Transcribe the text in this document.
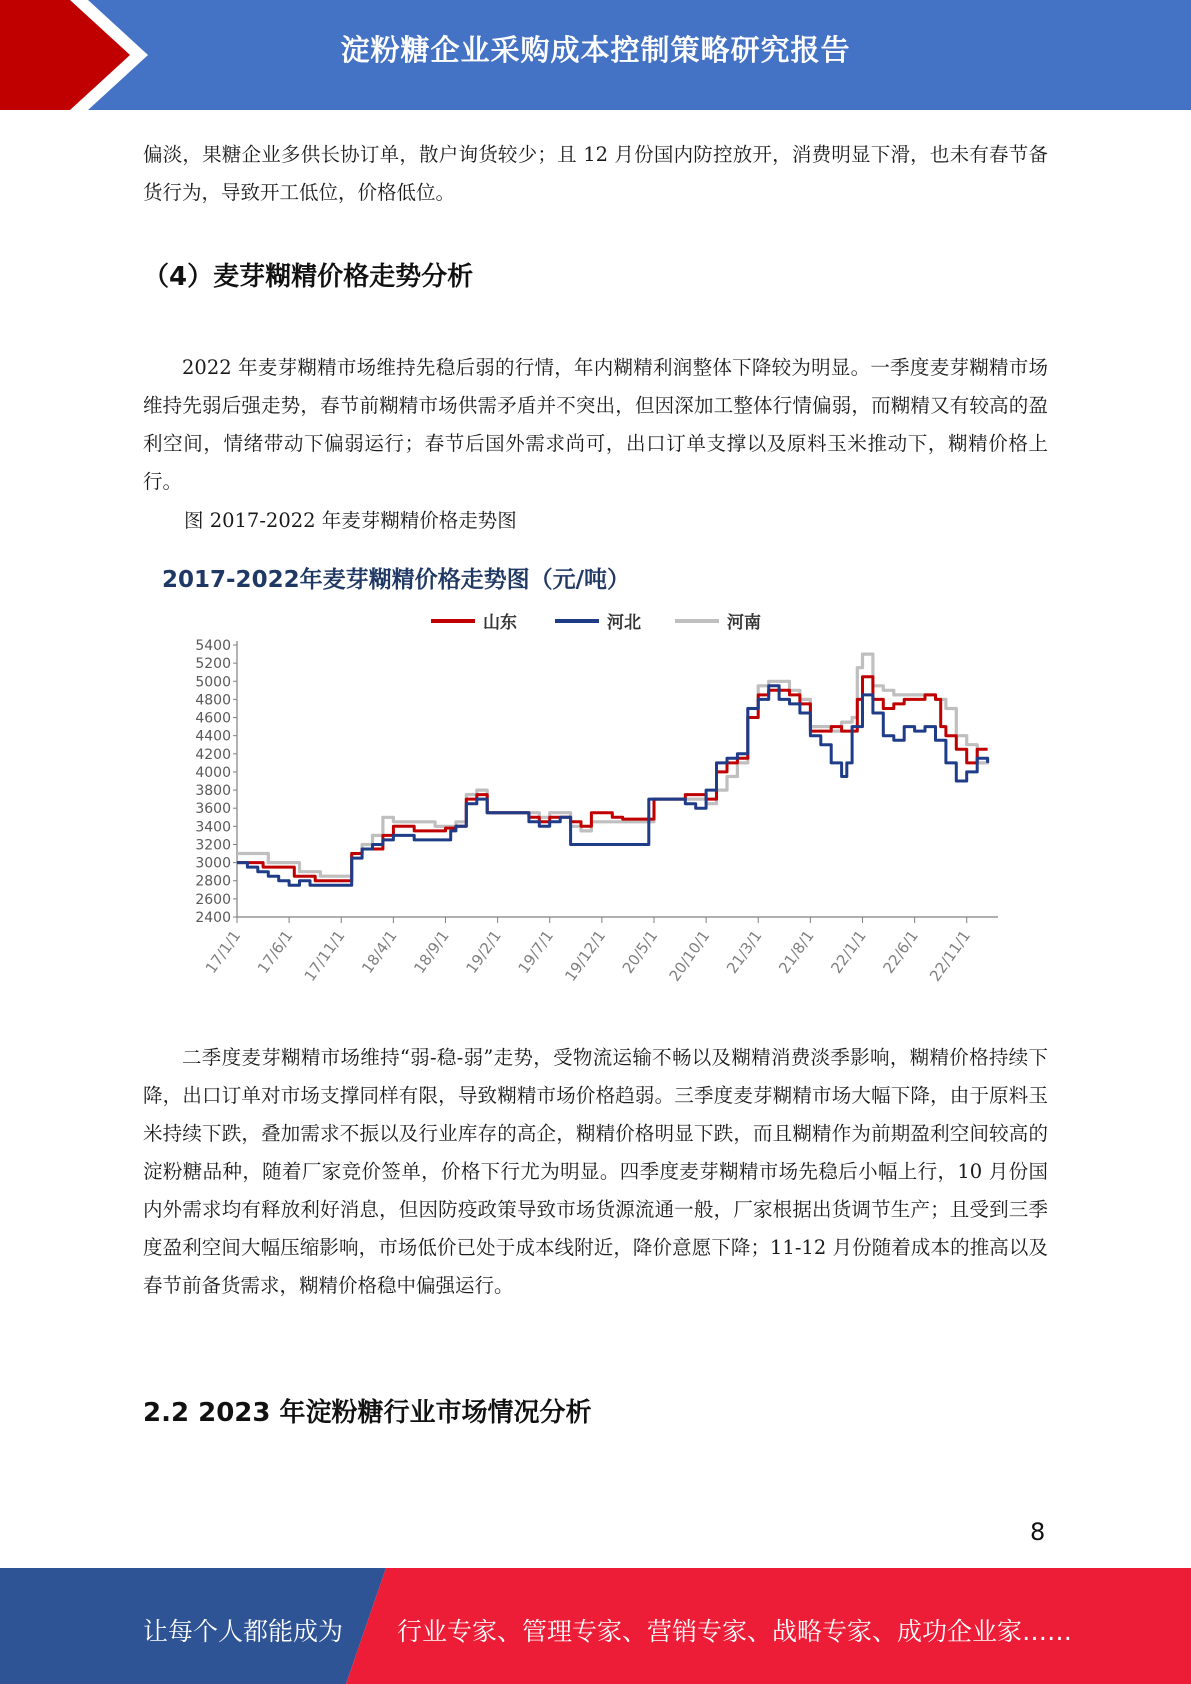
淀粉糖企业采购成本控制策略研究报告

偏淡，果糖企业多供长协订单，散户询货较少；且 12 月份国内防控放开，消费明显下滑，也未有春节备货行为，导致开工低位，价格低位。

（4）麦芽糊精价格走势分析

2022 年麦芽糊精市场维持先稳后弱的行情，年内糊精利润整体下降较为明显。一季度麦芽糊精市场维持先弱后强走势，春节前糊精市场供需矛盾并不突出，但因深加工整体行情偏弱，而糊精又有较高的盈利空间，情绪带动下偏弱运行；春节后国外需求尚可，出口订单支撑以及原料玉米推动下，糊精价格上行。

图 2017-2022 年麦芽糊精价格走势图

2017-2022年麦芽糊精价格走势图（元/吨）
山东	河北	河南
2400
2600
2800
3000
3200
3400
3600
3800
4000
4200
4400
4600
4800
5000
5200
5400
17/1/1 17/6/1 17/11/1 18/4/1 18/9/1 19/2/1 19/7/1 19/12/1 20/5/1 20/10/1 21/3/1 21/8/1 22/1/1 22/6/1 22/11/1

二季度麦芽糊精市场维持“弱-稳-弱”走势，受物流运输不畅以及糊精消费淡季影响，糊精价格持续下降，出口订单对市场支撑同样有限，导致糊精市场价格趋弱。三季度麦芽糊精市场大幅下降，由于原料玉米持续下跌，叠加需求不振以及行业库存的高企，糊精价格明显下跌，而且糊精作为前期盈利空间较高的淀粉糖品种，随着厂家竞价签单，价格下行尤为明显。四季度麦芽糊精市场先稳后小幅上行，10 月份国内外需求均有释放利好消息，但因防疫政策导致市场货源流通一般，厂家根据出货调节生产；且受到三季度盈利空间大幅压缩影响，市场低价已处于成本线附近，降价意愿下降；11-12 月份随着成本的推高以及春节前备货需求，糊精价格稳中偏强运行。

2.2 2023 年淀粉糖行业市场情况分析
8
让每个人都能成为 行业专家、管理专家、营销专家、战略专家、成功企业家……
